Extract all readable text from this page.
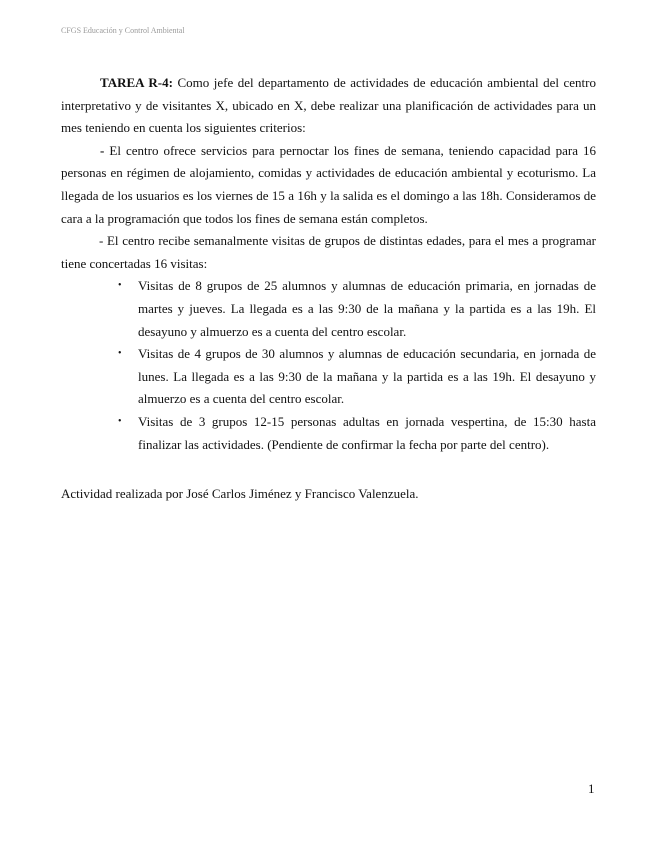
CFGS Educación y Control Ambiental

TAREA R-4: Como jefe del departamento de actividades de educación ambiental del centro interpretativo y de visitantes X, ubicado en X, debe realizar una planificación de actividades para un mes teniendo en cuenta los siguientes criterios:

- El centro ofrece servicios para pernoctar los fines de semana, teniendo capacidad para 16 personas en régimen de alojamiento, comidas y actividades de educación ambiental y ecoturismo. La llegada de los usuarios es los viernes de 15 a 16h y la salida es el domingo a las 18h. Consideramos de cara a la programación que todos los fines de semana están completos.

- El centro recibe semanalmente visitas de grupos de distintas edades, para el mes a programar tiene concertadas 16 visitas:

• Visitas de 8 grupos de 25 alumnos y alumnas de educación primaria, en jornadas de martes y jueves. La llegada es a las 9:30 de la mañana y la partida es a las 19h. El desayuno y almuerzo es a cuenta del centro escolar.
• Visitas de 4 grupos de 30 alumnos y alumnas de educación secundaria, en jornada de lunes. La llegada es a las 9:30 de la mañana y la partida es a las 19h. El desayuno y almuerzo es a cuenta del centro escolar.
• Visitas de 3 grupos 12-15 personas adultas en jornada vespertina, de 15:30 hasta finalizar las actividades. (Pendiente de confirmar la fecha por parte del centro).

Actividad realizada por José Carlos Jiménez y Francisco Valenzuela.

1
